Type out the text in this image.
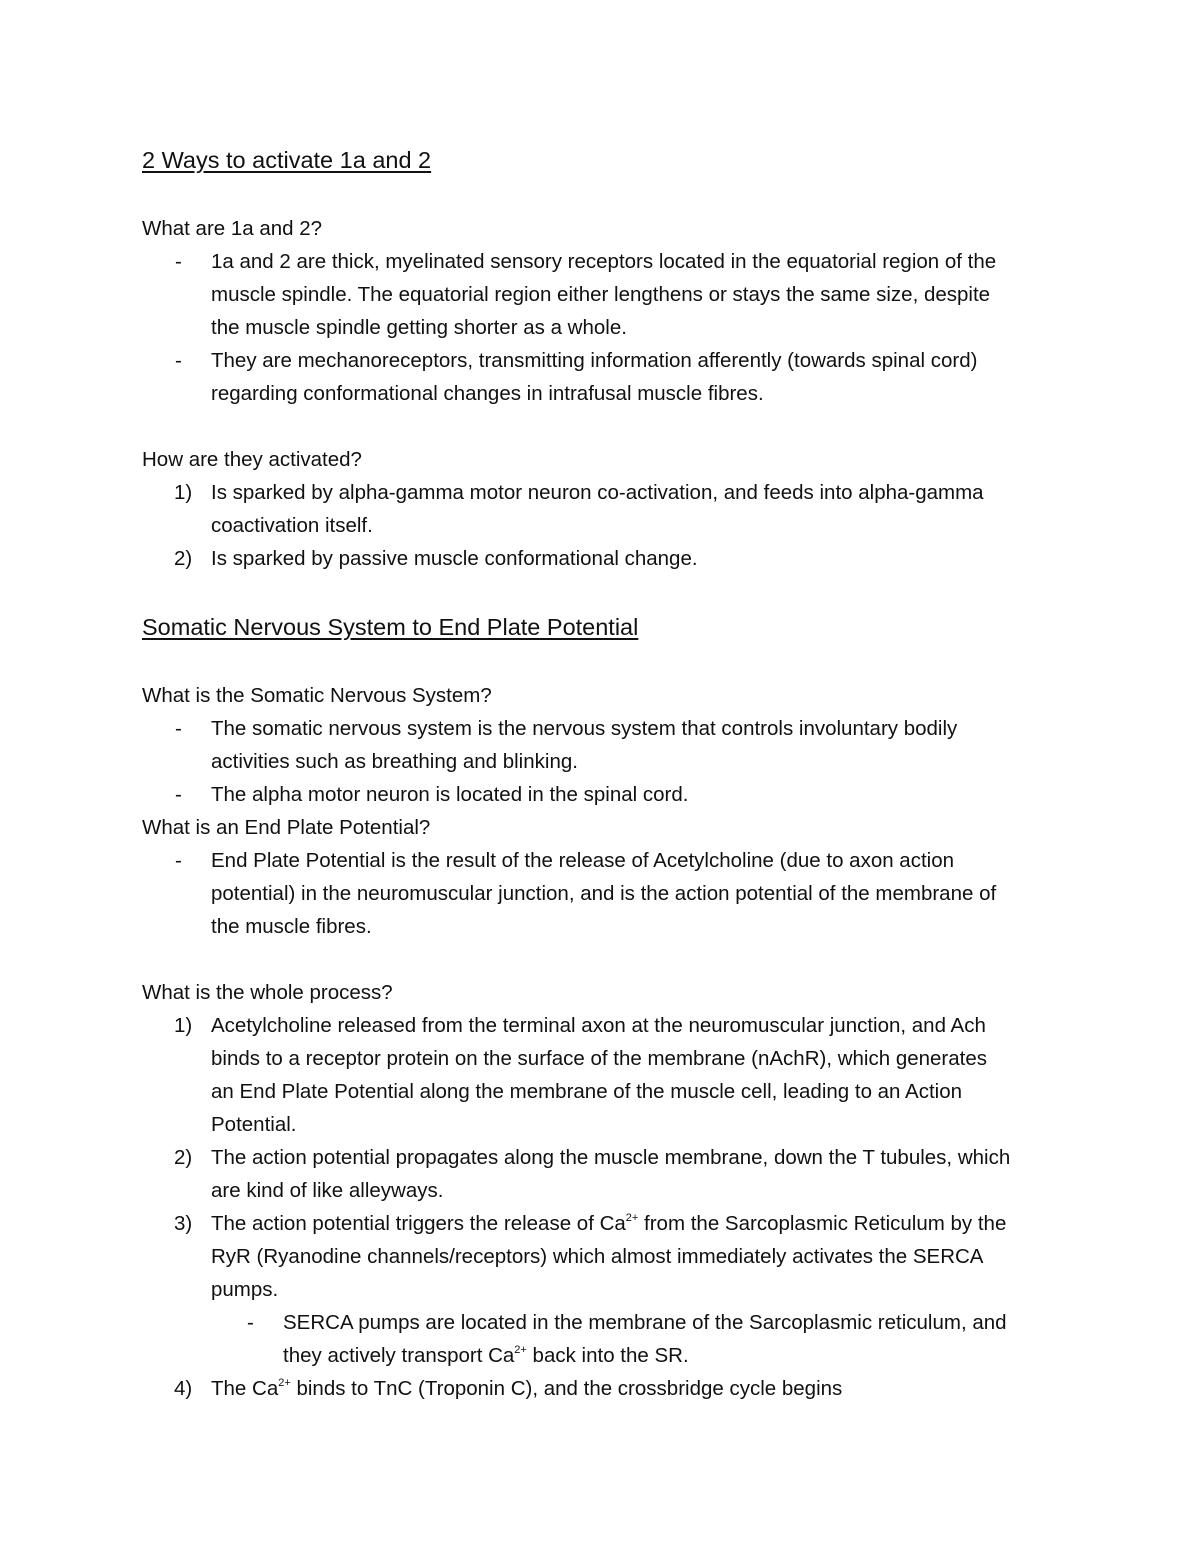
2 Ways to activate 1a and 2
What are 1a and 2?
- 1a and 2 are thick, myelinated sensory receptors located in the equatorial region of the
muscle spindle. The equatorial region either lengthens or stays the same size, despite
the muscle spindle getting shorter as a whole.
- They are mechanoreceptors, transmitting information afferently (towards spinal cord)
regarding conformational changes in intrafusal muscle fibres.
How are they activated?
1) Is sparked by alpha-gamma motor neuron co-activation, and feeds into alpha-gamma
coactivation itself.
2) Is sparked by passive muscle conformational change.
Somatic Nervous System to End Plate Potential
What is the Somatic Nervous System?
- The somatic nervous system is the nervous system that controls involuntary bodily
activities such as breathing and blinking.
- The alpha motor neuron is located in the spinal cord.
What is an End Plate Potential?
- End Plate Potential is the result of the release of Acetylcholine (due to axon action
potential) in the neuromuscular junction, and is the action potential of the membrane of
the muscle fibres.
What is the whole process?
1) Acetylcholine released from the terminal axon at the neuromuscular junction, and Ach
binds to a receptor protein on the surface of the membrane (nAchR), which generates
an End Plate Potential along the membrane of the muscle cell, leading to an Action
Potential.
2) The action potential propagates along the muscle membrane, down the T tubules, which
are kind of like alleyways.
3) The action potential triggers the release of $Ca^{2+}$ from the Sarcoplasmic Reticulum by the
RyR (Ryanodine channels/receptors) which almost immediately activates the SERCA
pumps.
- SERCA pumps are located in the membrane of the Sarcoplasmic reticulum, and
they actively transport $Ca^{2+}$ back into the SR.
4) The $Ca^{2+}$ binds to TnC (Troponin C), and the crossbridge cycle begins
